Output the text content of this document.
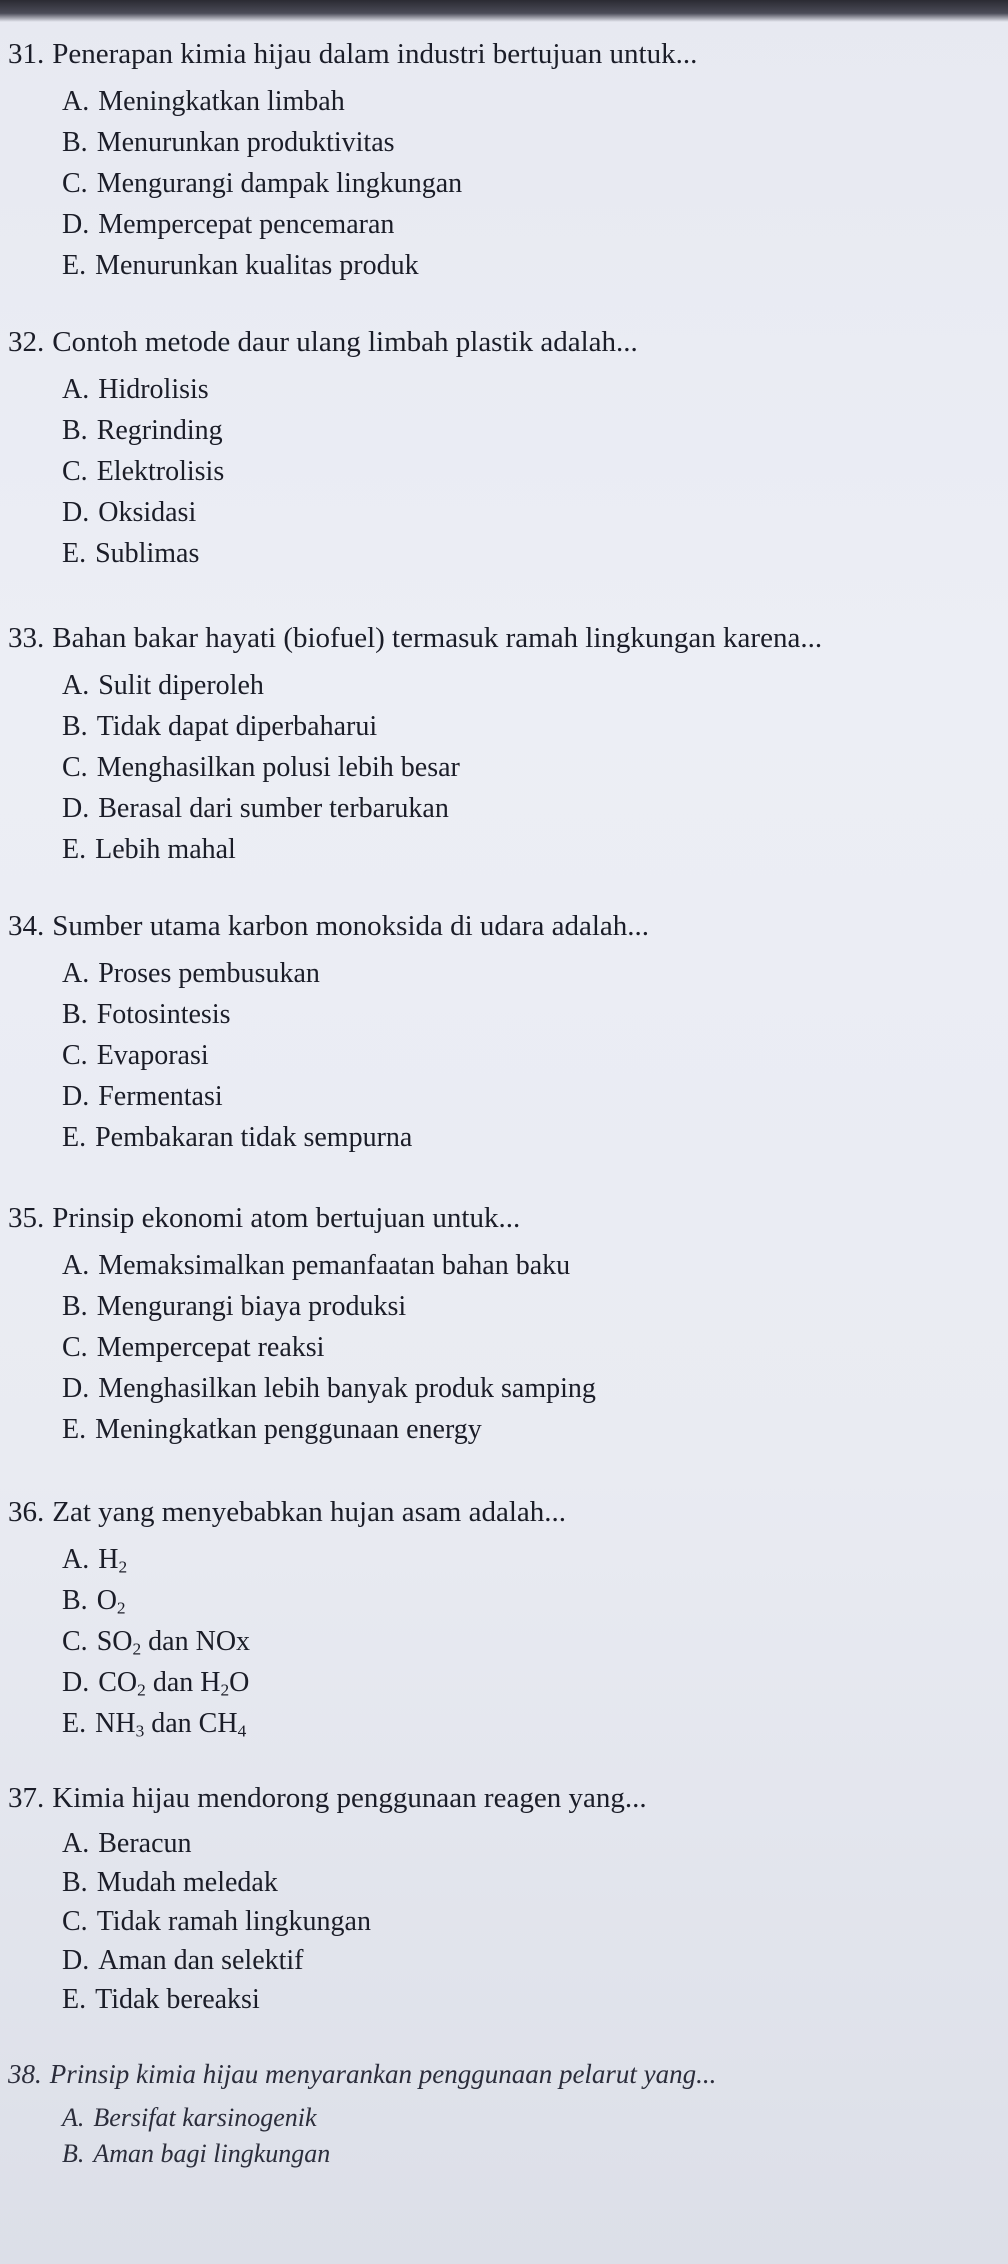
31. Penerapan kimia hijau dalam industri bertujuan untuk...
A. Meningkatkan limbah
B. Menurunkan produktivitas
C. Mengurangi dampak lingkungan
D. Mempercepat pencemaran
E. Menurunkan kualitas produk
32. Contoh metode daur ulang limbah plastik adalah...
A. Hidrolisis
B. Regrinding
C. Elektrolisis
D. Oksidasi
E. Sublimas
33. Bahan bakar hayati (biofuel) termasuk ramah lingkungan karena...
A. Sulit diperoleh
B. Tidak dapat diperbaharui
C. Menghasilkan polusi lebih besar
D. Berasal dari sumber terbarukan
E. Lebih mahal
34. Sumber utama karbon monoksida di udara adalah...
A. Proses pembusukan
B. Fotosintesis
C. Evaporasi
D. Fermentasi
E. Pembakaran tidak sempurna
35. Prinsip ekonomi atom bertujuan untuk...
A. Memaksimalkan pemanfaatan bahan baku
B. Mengurangi biaya produksi
C. Mempercepat reaksi
D. Menghasilkan lebih banyak produk samping
E. Meningkatkan penggunaan energy
36. Zat yang menyebabkan hujan asam adalah...
A. $H_2$
B. $O_2$
C. $SO_2$ dan NOx
D. $CO_2$ dan $H_2O$
E. $NH_3$ dan $CH_4$
37. Kimia hijau mendorong penggunaan reagen yang...
A. Beracun
B. Mudah meledak
C. Tidak ramah lingkungan
D. Aman dan selektif
E. Tidak bereaksi
38. Prinsip kimia hijau menyarankan penggunaan pelarut yang...
A. Bersifat karsinogenik
B. Aman bagi lingkungan
